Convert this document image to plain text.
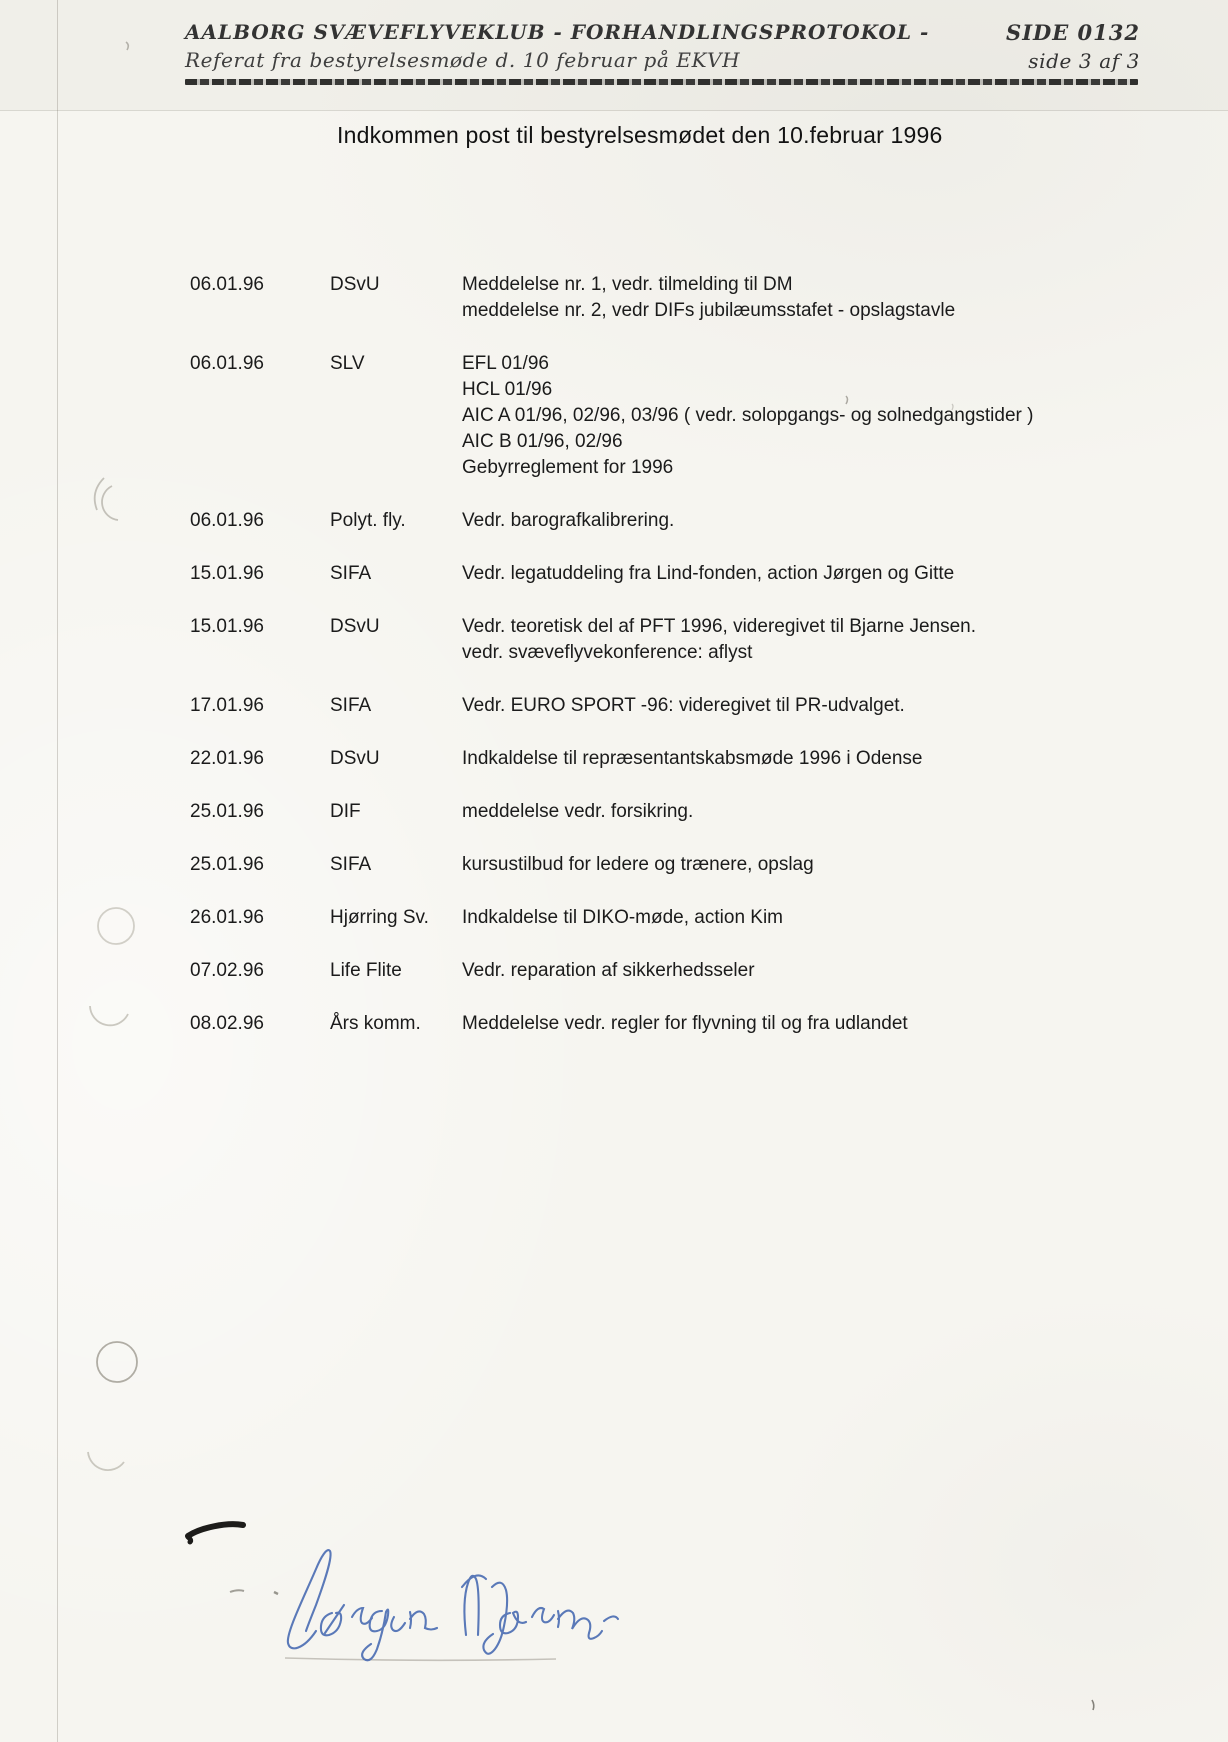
AALBORG SVÆVEFLYVEKLUB - FORHANDLINGSPROTOKOL -
Referat fra bestyrelsesmøde d. 10 februar på EKVH
SIDE 0132
side 3 af 3
Indkommen post til bestyrelsesmødet den 10.februar 1996
06.01.96	DSvU	Meddelelse nr. 1, vedr. tilmelding til DM
meddelelse nr. 2, vedr DIFs jubilæumsstafet - opslagstavle
06.01.96	SLV	EFL 01/96
HCL 01/96
AIC A 01/96, 02/96, 03/96 ( vedr. solopgangs- og solnedgangstider )
AIC B 01/96, 02/96
Gebyrreglement for 1996
06.01.96	Polyt. fly.	Vedr. barografkalibrering.
15.01.96	SIFA	Vedr. legatuddeling fra Lind-fonden, action Jørgen og Gitte
15.01.96	DSvU	Vedr. teoretisk del af PFT 1996, videregivet til Bjarne Jensen.
vedr. svæveflyvekonference: aflyst
17.01.96	SIFA	Vedr. EURO SPORT -96: videregivet til PR-udvalget.
22.01.96	DSvU	Indkaldelse til repræsentantskabsmøde 1996 i Odense
25.01.96	DIF	meddelelse vedr. forsikring.
25.01.96	SIFA	kursustilbud for ledere og trænere, opslag
26.01.96	Hjørring Sv.	Indkaldelse til DIKO-møde, action Kim
07.02.96	Life Flite	Vedr. reparation af sikkerhedsseler
08.02.96	Års komm.	Meddelelse vedr. regler for flyvning til og fra udlandet
